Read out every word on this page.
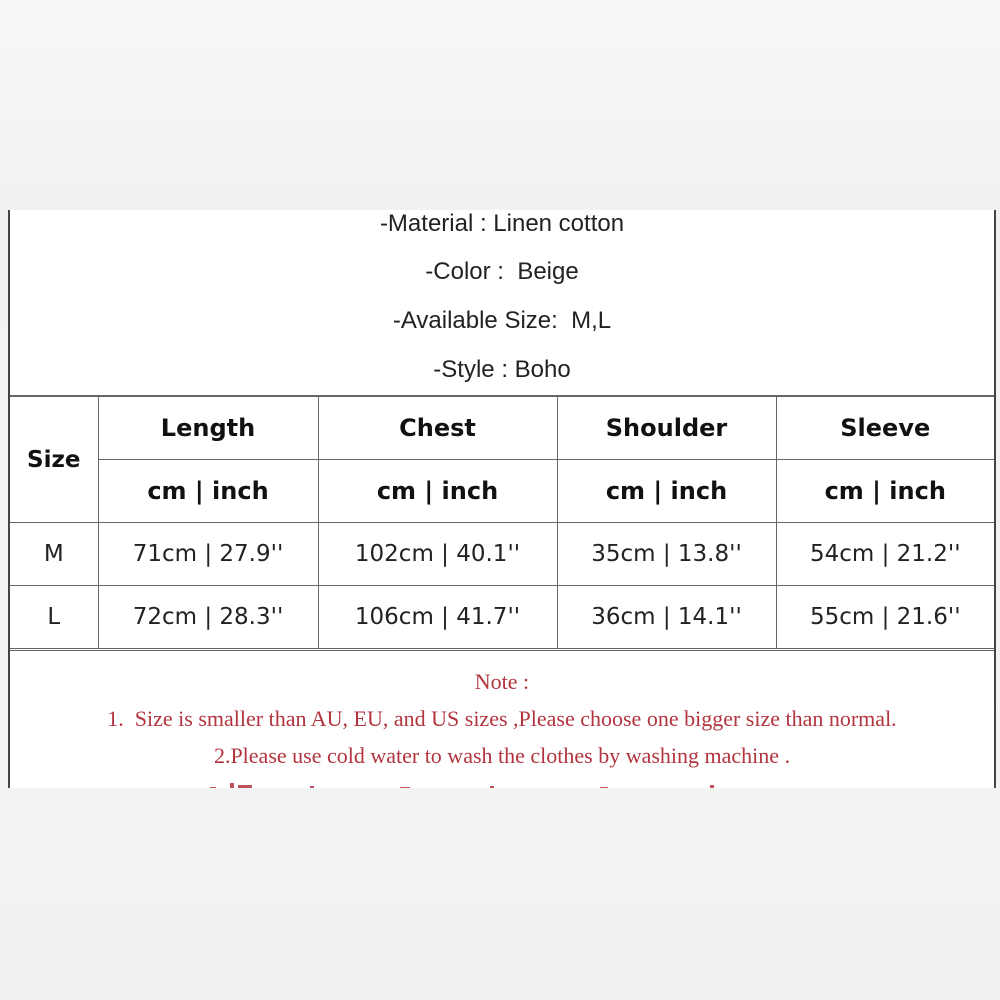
-Material : Linen cotton
-Color :  Beige
-Available Size:  M,L
-Style : Boho
Size	Length	Chest	Shoulder	Sleeve
	cm | inch	cm | inch	cm | inch	cm | inch
M	71cm | 27.9''	102cm | 40.1''	35cm | 13.8''	54cm | 21.2''
L	72cm | 28.3''	106cm | 41.7''	36cm | 14.1''	55cm | 21.6''
Note :
1.  Size is smaller than AU, EU, and US sizes ,Please choose one bigger size than normal.
2.Please use cold water to wash the clothes by washing machine .
